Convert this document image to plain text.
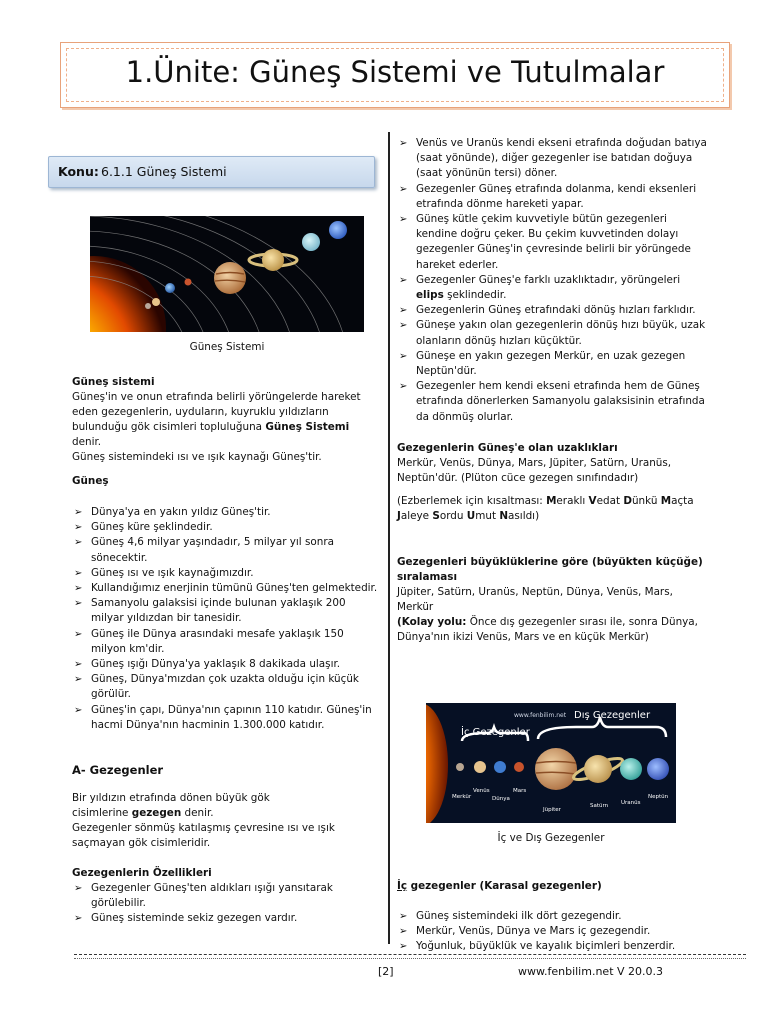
1.Ünite: Güneş Sistemi ve Tutulmalar
Konu: 6.1.1 Güneş Sistemi
Güneş Sistemi

Güneş sistemi

Güneş'in ve onun etrafında belirli yörüngelerde hareket eden gezegenlerin, uyduların, kuyruklu yıldızların bulunduğu gök cisimleri topluluğuna Güneş Sistemi denir.

Güneş sistemindeki ısı ve ışık kaynağı Güneş'tir.

Güneş

➢ Dünya'ya en yakın yıldız Güneş'tir.
➢ Güneş küre şeklindedir.
➢ Güneş 4,6 milyar yaşındadır, 5 milyar yıl sonra sönecektir.
➢ Güneş ısı ve ışık kaynağımızdır.
➢ Kullandığımız enerjinin tümünü Güneş'ten gelmektedir.
➢ Samanyolu galaksisi içinde bulunan yaklaşık 200 milyar yıldızdan bir tanesidir.
➢ Güneş ile Dünya arasındaki mesafe yaklaşık 150 milyon km'dir.
➢ Güneş ışığı Dünya'ya yaklaşık 8 dakikada ulaşır.
➢ Güneş, Dünya'mızdan çok uzakta olduğu için küçük görülür.
➢ Güneş'in çapı, Dünya'nın çapının 110 katıdır. Güneş'in hacmi Dünya'nın hacminin 1.300.000 katıdır.

A- Gezegenler

Bir yıldızın etrafında dönen büyük gök cisimlerine gezegen denir.

Gezegenler sönmüş katılaşmış çevresine ısı ve ışık saçmayan gök cisimleridir.

Gezegenlerin Özellikleri

➢ Gezegenler Güneş'ten aldıkları ışığı yansıtarak görülebilir.
➢ Güneş sisteminde sekiz gezegen vardır.
➢ Venüs ve Uranüs kendi ekseni etrafında doğudan batıya (saat yönünde), diğer gezegenler ise batıdan doğuya (saat yönünün tersi) döner.
➢ Gezegenler Güneş etrafında dolanma, kendi eksenleri etrafında dönme hareketi yapar.
➢ Güneş kütle çekim kuvvetiyle bütün gezegenleri kendine doğru çeker. Bu çekim kuvvetinden dolayı gezegenler Güneş'in çevresinde belirli bir yörüngede hareket ederler.
➢ Gezegenler Güneş'e farklı uzaklıktadır, yörüngeleri elips şeklindedir.
➢ Gezegenlerin Güneş etrafındaki dönüş hızları farklıdır.
➢ Güneşe yakın olan gezegenlerin dönüş hızı büyük, uzak olanların dönüş hızları küçüktür.
➢ Güneşe en yakın gezegen Merkür, en uzak gezegen Neptün'dür.
➢ Gezegenler hem kendi ekseni etrafında hem de Güneş etrafında dönerlerken Samanyolu galaksisinin etrafında da dönmüş olurlar.

Gezegenlerin Güneş'e olan uzaklıkları

Merkür, Venüs, Dünya, Mars, Jüpiter, Satürn, Uranüs, Neptün'dür. (Plüton cüce gezegen sınıfındadır)

(Ezberlemek için kısaltması: Meraklı Vedat Dünkü Maçta Jaleye Sordu Umut Nasıldı)

Gezegenleri büyüklüklerine göre (büyükten küçüğe) sıralaması

Jüpiter, Satürn, Uranüs, Neptün, Dünya, Venüs, Mars, Merkür

(Kolay yolu: Önce dış gezegenler sırası ile, sonra Dünya, Dünya'nın ikizi Venüs, Mars ve en küçük Merkür)

www.fenbilim.net Dış Gezegenler
İç Gezegenler
Merkür
Venüs
Dünya
Mars
Jüpiter
Satürn Uranüs
Neptün
İç ve Dış Gezegenler

İç gezegenler (Karasal gezegenler)

➢ Güneş sistemindeki ilk dört gezegendir.
➢ Merkür, Venüs, Dünya ve Mars iç gezegendir.
➢ Yoğunluk, büyüklük ve kayalık biçimleri benzerdir.
[2]	www.fenbilim.net V 20.0.3
